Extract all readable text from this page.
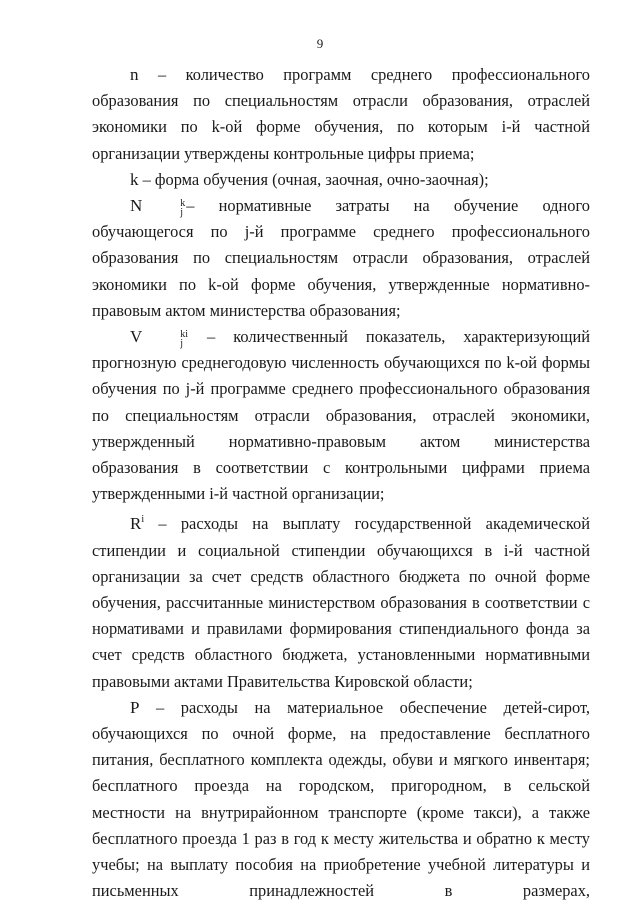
9

n – количество программ среднего профессионального образования по специальностям отрасли образования, отраслей экономики по k-ой форме обучения, по которым i-й частной организации утверждены контрольные цифры приема;

k – форма обучения (очная, заочная, очно-заочная);

N	k
j – нормативные затраты на обучение одного обучающегося по j-й программе среднего профессионального образования по специальностям отрасли образования, отраслей экономики по k-ой форме обучения, утвержденные нормативно-правовым актом министерства образования;

V	ki
j – количественный показатель, характеризующий прогнозную среднегодовую численность обучающихся по k-ой формы обучения по j-й программе среднего профессионального образования по специальностям отрасли образования, отраслей экономики, утвержденный нормативно-правовым актом министерства образования в соответствии с контрольными цифрами приема утвержденными i-й частной организации;

$R^i$ – расходы на выплату государственной академической стипендии и социальной стипендии обучающихся в i-й частной организации за счет средств областного бюджета по очной форме обучения, рассчитанные министерством образования в соответствии с нормативами и правилами формирования стипендиального фонда за счет средств областного бюджета, установленными нормативными правовыми актами Правительства Кировской области;

P – расходы на материальное обеспечение детей-сирот, обучающихся по очной форме, на предоставление бесплатного питания, бесплатного комплекта одежды, обуви и мягкого инвентаря; бесплатного проезда на городском, пригородном, в сельской местности на внутрирайонном транспорте (кроме такси), а также бесплатного проезда 1 раз в год к месту жительства и обратно к месту учебы; на выплату пособия на приобретение учебной литературы и письменных принадлежностей в размерах,
